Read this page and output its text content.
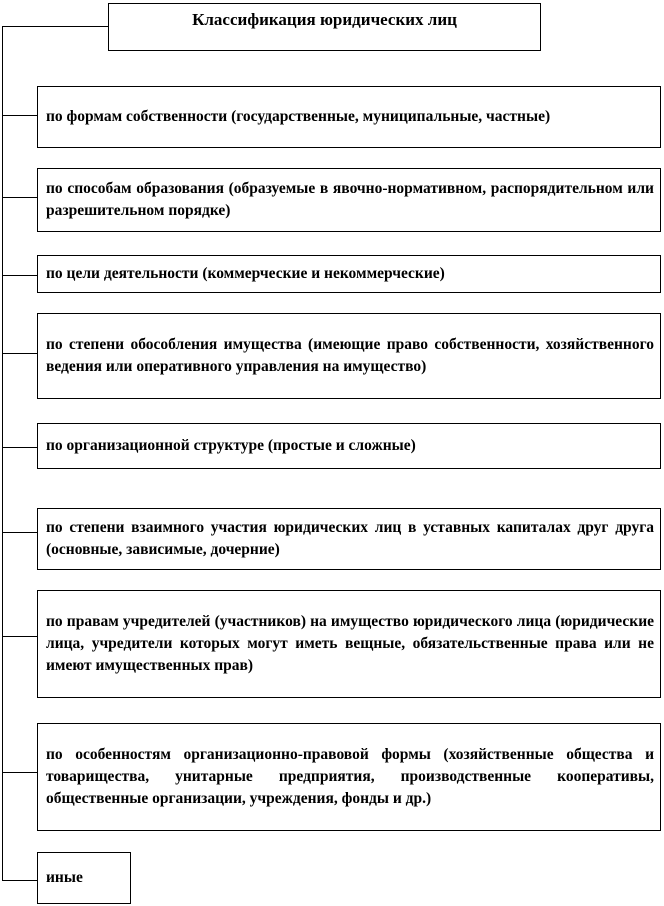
Классификация юридических лиц
по формам собственности (государственные, муниципальные, частные)
по способам образования (образуемые в явочно-нормативном, распорядительном или разрешительном порядке)
по цели деятельности (коммерческие и некоммерческие)
по степени обособления имущества (имеющие право собственности, хозяйственного ведения или оперативного управления на имущество)
по организационной структуре (простые и сложные)
по степени взаимного участия юридических лиц в уставных капиталах друг друга (основные, зависимые, дочерние)
по правам учредителей (участников) на имущество юридического лица (юридические лица, учредители которых могут иметь вещные, обязательственные права или не имеют имущественных прав)
по особенностям организационно-правовой формы (хозяйственные общества и товарищества, унитарные предприятия, производственные кооперативы, общественные организации, учреждения, фонды и др.)
иные
